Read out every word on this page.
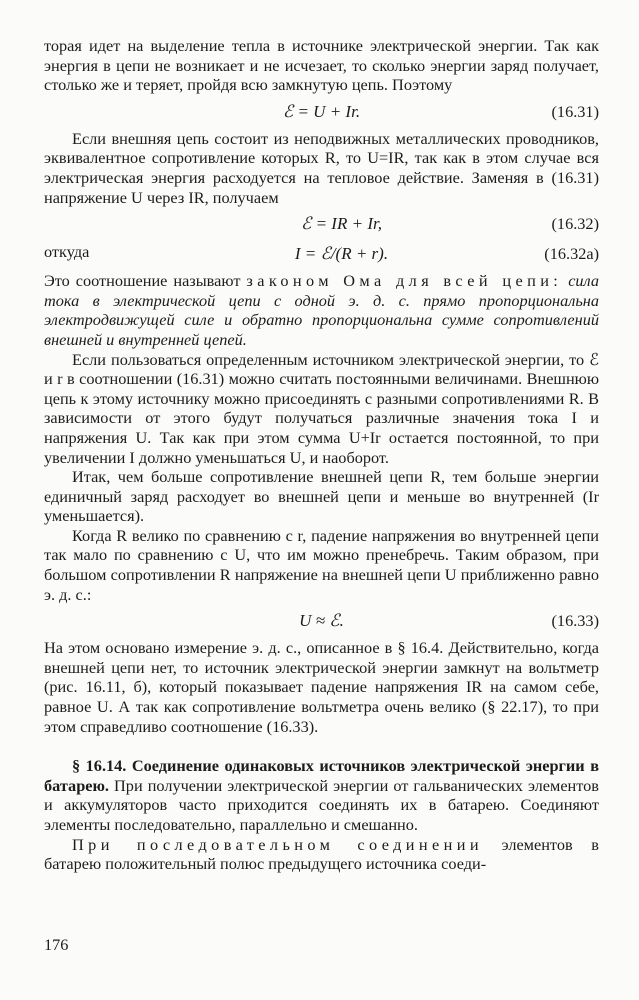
торая идет на выделение тепла в источнике электрической энергии. Так как энергия в цепи не возникает и не исчезает, то сколько энергии заряд получает, столько же и теряет, пройдя всю замкнутую цепь. Поэтому

ℰ = U + Ir.	(16.31)

Если внешняя цепь состоит из неподвижных металлических проводников, эквивалентное сопротивление которых R, то U=IR, так как в этом случае вся электрическая энергия расходуется на тепловое действие. Заменяя в (16.31) напряжение U через IR, получаем

ℰ = IR + Ir,	(16.32)
откуда	I = ℰ/(R + r).	(16.32a)

Это соотношение называют законом Ома для всей цепи: сила тока в электрической цепи с одной э. д. с. прямо пропорциональна электродвижущей силе и обратно пропорциональна сумме сопротивлений внешней и внутренней цепей.

Если пользоваться определенным источником электрической энергии, то ℰ и r в соотношении (16.31) можно считать постоянными величинами. Внешнюю цепь к этому источнику можно присоединять с разными сопротивлениями R. В зависимости от этого будут получаться различные значения тока I и напряжения U. Так как при этом сумма U+Ir остается постоянной, то при увеличении I должно уменьшаться U, и наоборот.

Итак, чем больше сопротивление внешней цепи R, тем больше энергии единичный заряд расходует во внешней цепи и меньше во внутренней (Ir уменьшается).

Когда R велико по сравнению с r, падение напряжения во внутренней цепи так мало по сравнению с U, что им можно пренебречь. Таким образом, при большом сопротивлении R напряжение на внешней цепи U приближенно равно э. д. с.:

U ≈ ℰ.	(16.33)

На этом основано измерение э. д. с., описанное в § 16.4. Действительно, когда внешней цепи нет, то источник электрической энергии замкнут на вольтметр (рис. 16.11, б), который показывает падение напряжения IR на самом себе, равное U. А так как сопротивление вольтметра очень велико (§ 22.17), то при этом справедливо соотношение (16.33).

§ 16.14. Соединение одинаковых источников электрической энергии в батарею. При получении электрической энергии от гальванических элементов и аккумуляторов часто приходится соединять их в батарею. Соединяют элементы последовательно, параллельно и смешанно.

При последовательном соединении элементов в батарею положительный полюс предыдущего источника соеди-

176
